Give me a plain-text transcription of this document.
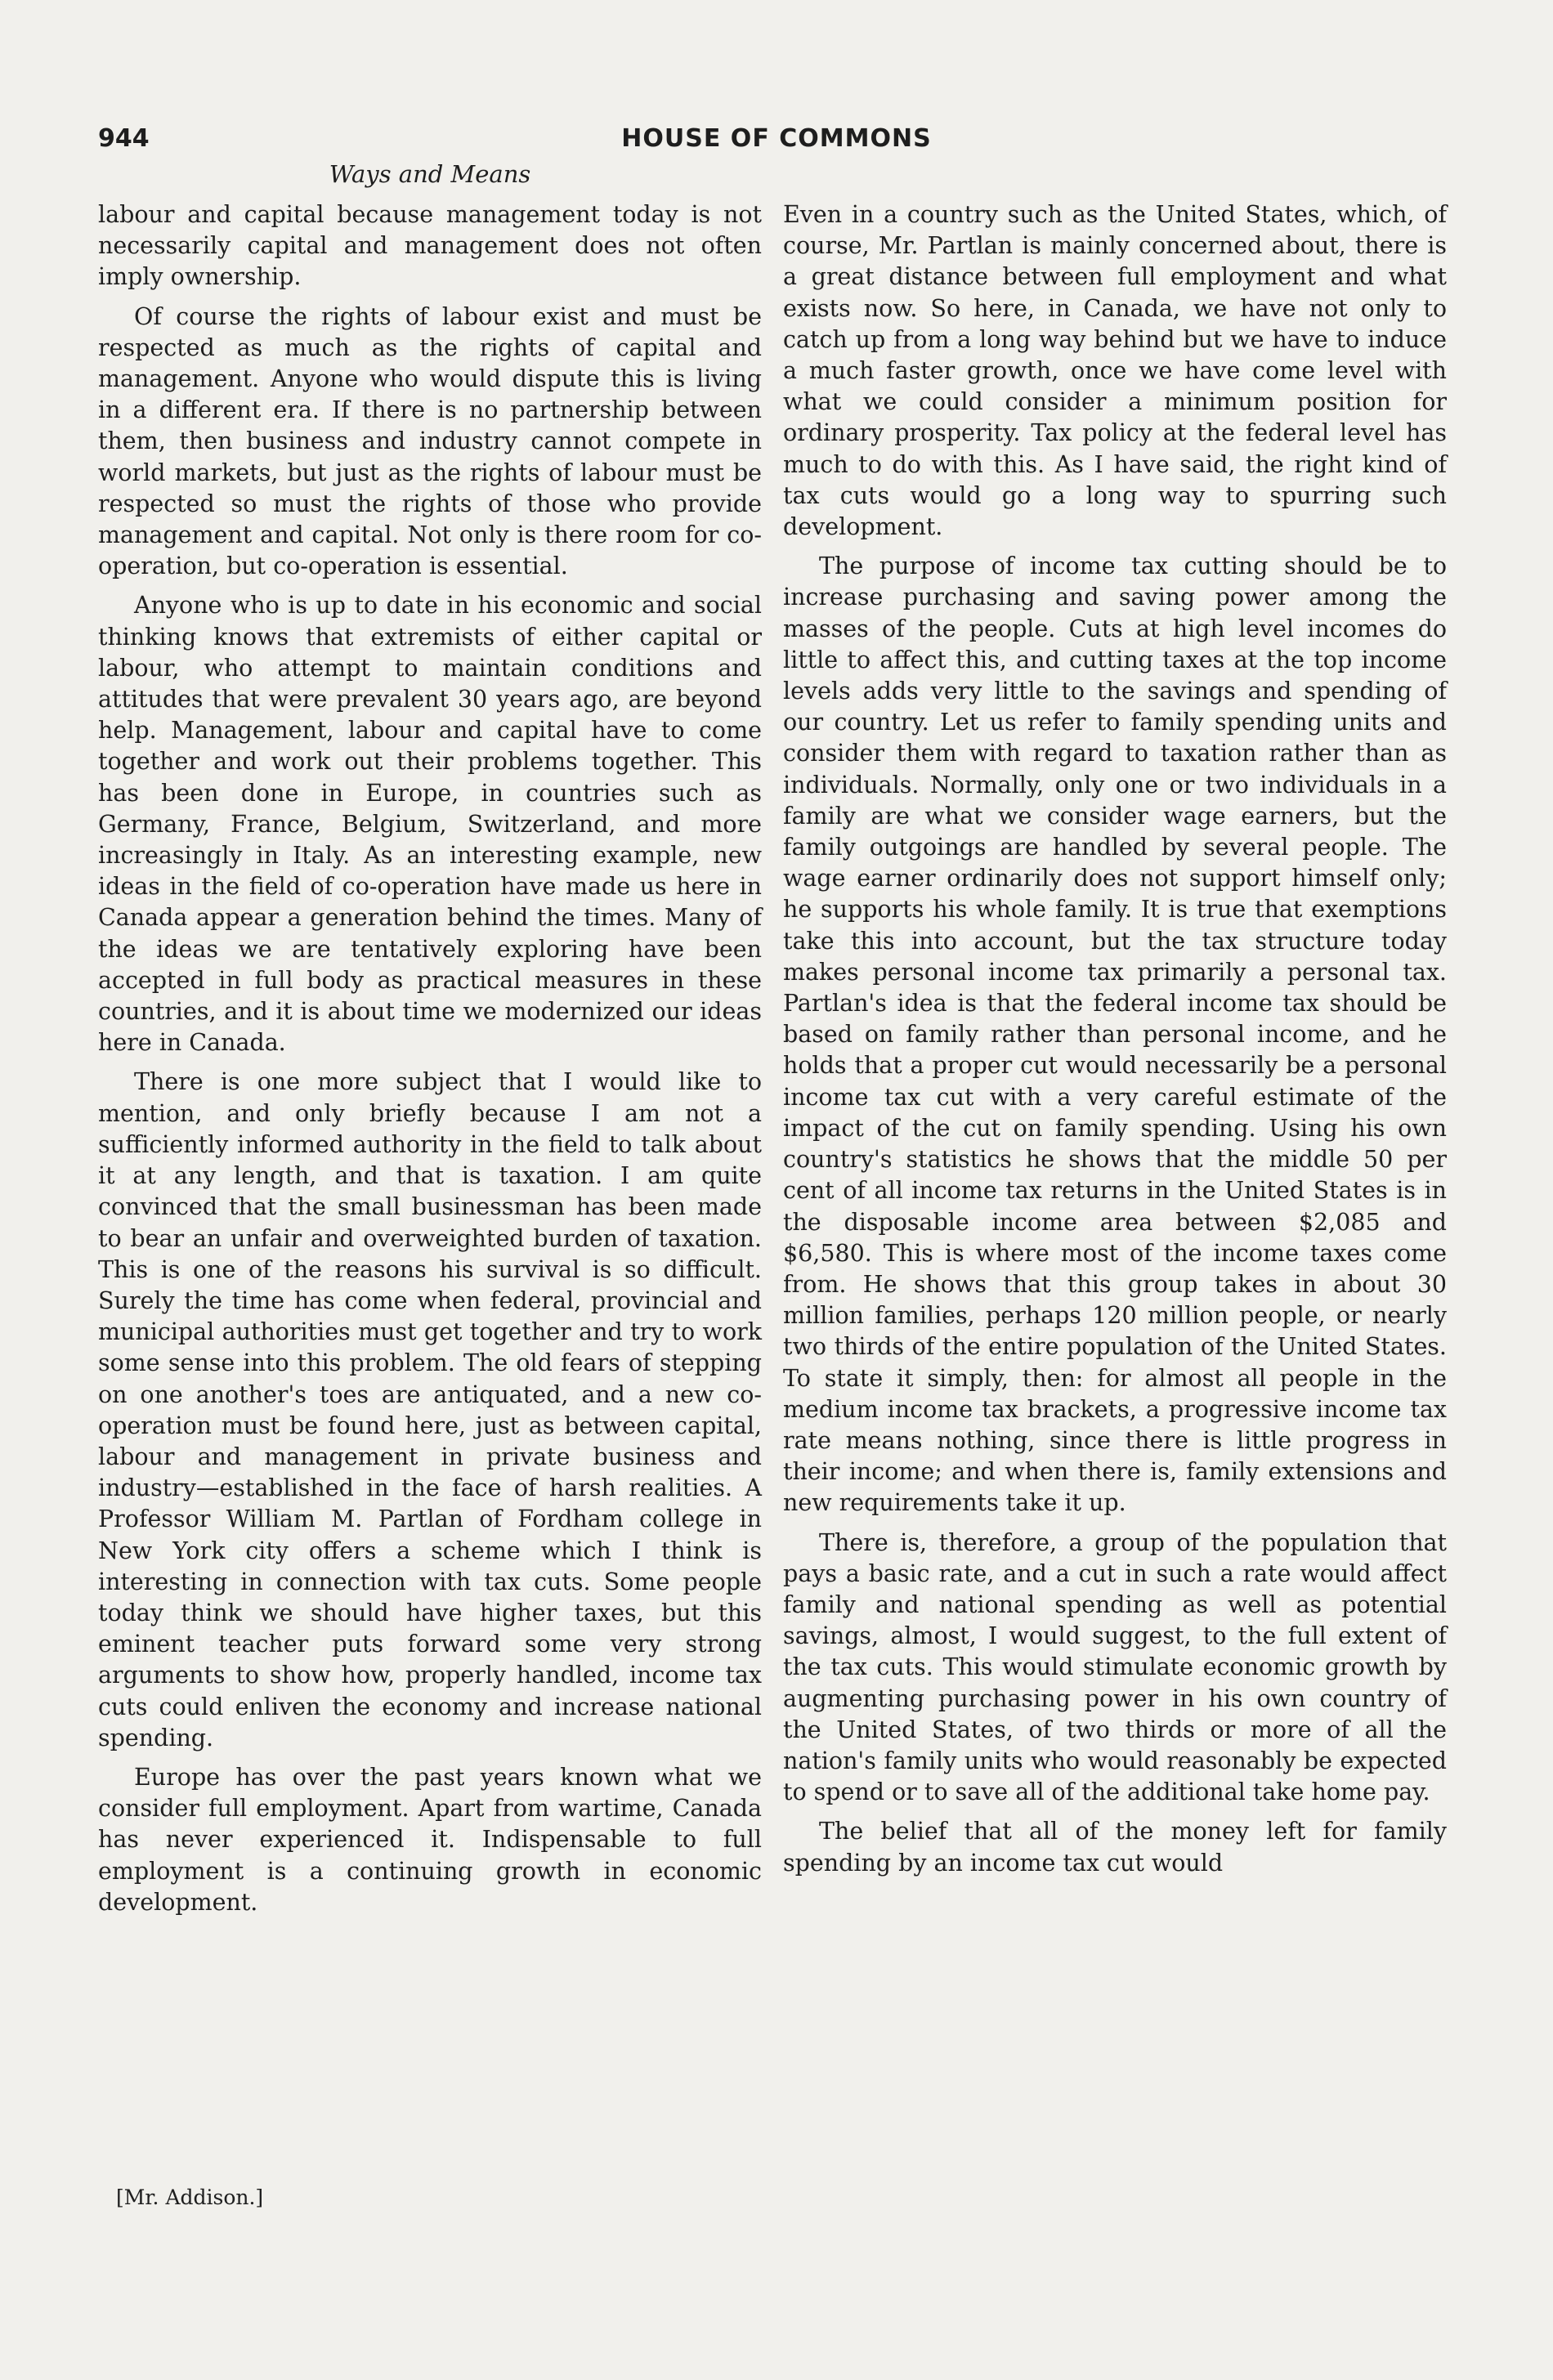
944	HOUSE OF COMMONS
Ways and Means

labour and capital because management today is not necessarily capital and management does not often imply ownership.

Of course the rights of labour exist and must be respected as much as the rights of capital and management. Anyone who would dispute this is living in a different era. If there is no partnership between them, then business and industry cannot compete in world markets, but just as the rights of labour must be respected so must the rights of those who provide management and capital. Not only is there room for co-operation, but co-operation is essential.

Anyone who is up to date in his economic and social thinking knows that extremists of either capital or labour, who attempt to maintain conditions and attitudes that were prevalent 30 years ago, are beyond help. Management, labour and capital have to come together and work out their problems together. This has been done in Europe, in countries such as Germany, France, Belgium, Switzerland, and more increasingly in Italy. As an interesting example, new ideas in the field of co-operation have made us here in Canada appear a generation behind the times. Many of the ideas we are tentatively exploring have been accepted in full body as practical measures in these countries, and it is about time we modernized our ideas here in Canada.

There is one more subject that I would like to mention, and only briefly because I am not a sufficiently informed authority in the field to talk about it at any length, and that is taxation. I am quite convinced that the small businessman has been made to bear an unfair and overweighted burden of taxation. This is one of the reasons his survival is so difficult. Surely the time has come when federal, provincial and municipal authorities must get together and try to work some sense into this problem. The old fears of stepping on one another's toes are antiquated, and a new co-operation must be found here, just as between capital, labour and management in private business and industry—established in the face of harsh realities. A Professor William M. Partlan of Fordham college in New York city offers a scheme which I think is interesting in connection with tax cuts. Some people today think we should have higher taxes, but this eminent teacher puts forward some very strong arguments to show how, properly handled, income tax cuts could enliven the economy and increase national spending.

Europe has over the past years known what we consider full employment. Apart from wartime, Canada has never experienced it. Indispensable to full employment is a continuing growth in economic development.

Even in a country such as the United States, which, of course, Mr. Partlan is mainly concerned about, there is a great distance between full employment and what exists now. So here, in Canada, we have not only to catch up from a long way behind but we have to induce a much faster growth, once we have come level with what we could consider a minimum position for ordinary prosperity. Tax policy at the federal level has much to do with this. As I have said, the right kind of tax cuts would go a long way to spurring such development.

The purpose of income tax cutting should be to increase purchasing and saving power among the masses of the people. Cuts at high level incomes do little to affect this, and cutting taxes at the top income levels adds very little to the savings and spending of our country. Let us refer to family spending units and consider them with regard to taxation rather than as individuals. Normally, only one or two individuals in a family are what we consider wage earners, but the family outgoings are handled by several people. The wage earner ordinarily does not support himself only; he supports his whole family. It is true that exemptions take this into account, but the tax structure today makes personal income tax primarily a personal tax. Partlan's idea is that the federal income tax should be based on family rather than personal income, and he holds that a proper cut would necessarily be a personal income tax cut with a very careful estimate of the impact of the cut on family spending. Using his own country's statistics he shows that the middle 50 per cent of all income tax returns in the United States is in the disposable income area between $2,085 and $6,580. This is where most of the income taxes come from. He shows that this group takes in about 30 million families, perhaps 120 million people, or nearly two thirds of the entire population of the United States. To state it simply, then: for almost all people in the medium income tax brackets, a progressive income tax rate means nothing, since there is little progress in their income; and when there is, family extensions and new requirements take it up.

There is, therefore, a group of the population that pays a basic rate, and a cut in such a rate would affect family and national spending as well as potential savings, almost, I would suggest, to the full extent of the tax cuts. This would stimulate economic growth by augmenting purchasing power in his own country of the United States, of two thirds or more of all the nation's family units who would reasonably be expected to spend or to save all of the additional take home pay.

The belief that all of the money left for family spending by an income tax cut would

[Mr. Addison.]
